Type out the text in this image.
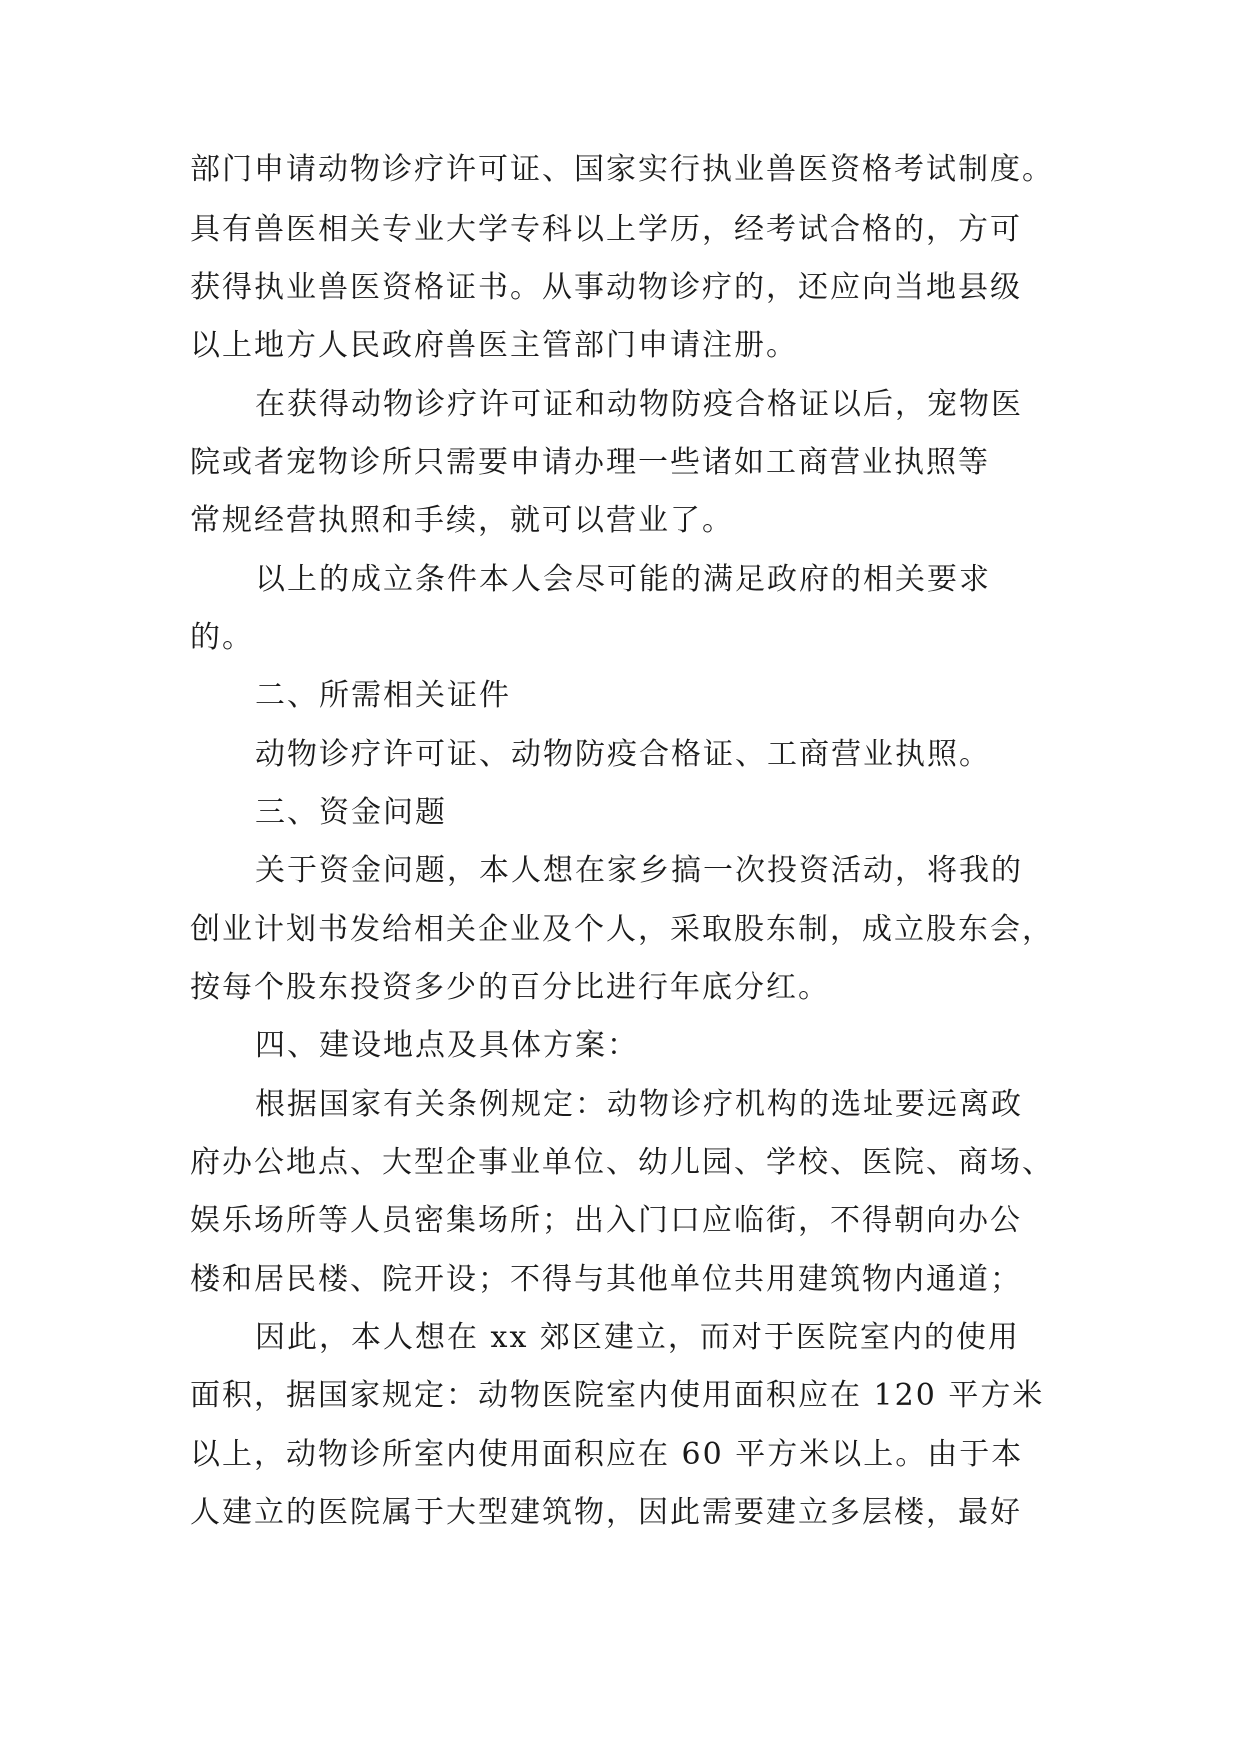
部门申请动物诊疗许可证、国家实行执业兽医资格考试制度。
具有兽医相关专业大学专科以上学历，经考试合格的，方可
获得执业兽医资格证书。从事动物诊疗的，还应向当地县级
以上地方人民政府兽医主管部门申请注册。
在获得动物诊疗许可证和动物防疫合格证以后，宠物医
院或者宠物诊所只需要申请办理一些诸如工商营业执照等
常规经营执照和手续，就可以营业了。
以上的成立条件本人会尽可能的满足政府的相关要求
的。
二、所需相关证件
动物诊疗许可证、动物防疫合格证、工商营业执照。
三、资金问题
关于资金问题，本人想在家乡搞一次投资活动，将我的
创业计划书发给相关企业及个人，采取股东制，成立股东会，
按每个股东投资多少的百分比进行年底分红。
四、建设地点及具体方案：
根据国家有关条例规定：动物诊疗机构的选址要远离政
府办公地点、大型企事业单位、幼儿园、学校、医院、商场、
娱乐场所等人员密集场所；出入门口应临街，不得朝向办公
楼和居民楼、院开设；不得与其他单位共用建筑物内通道；
因此，本人想在 xx 郊区建立，而对于医院室内的使用
面积，据国家规定：动物医院室内使用面积应在 120 平方米
以上，动物诊所室内使用面积应在 60 平方米以上。由于本
人建立的医院属于大型建筑物，因此需要建立多层楼，最好
